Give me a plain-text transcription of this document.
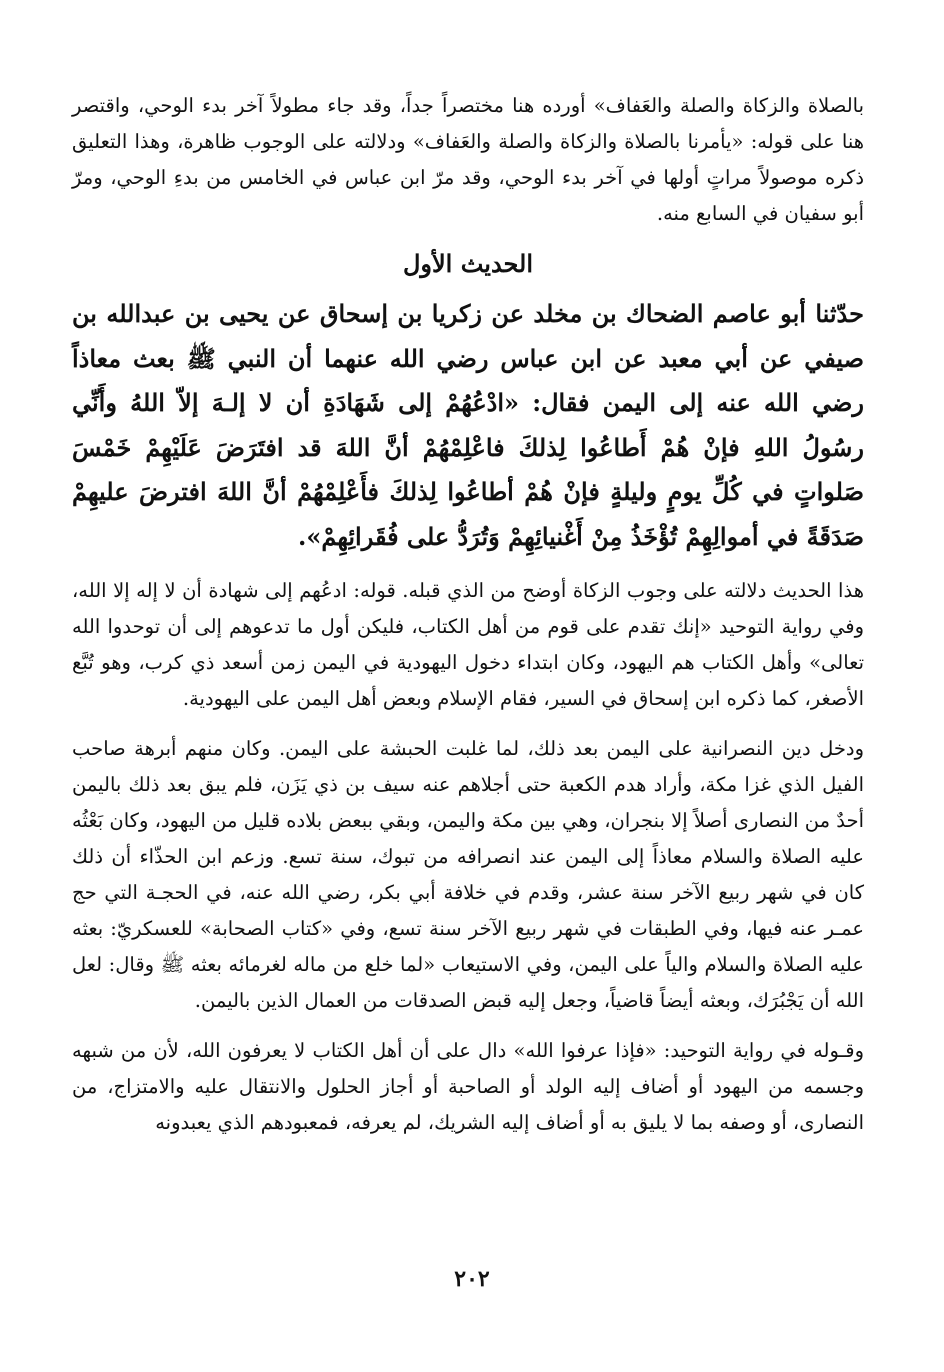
بالصلاة والزكاة والصلة والعَفاف» أورده هنا مختصراً جداً، وقد جاء مطولاً آخر بدء الوحي، واقتصر هنا على قوله: «يأمرنا بالصلاة والزكاة والصلة والعَفاف» ودلالته على الوجوب ظاهرة، وهذا التعليق ذكره موصولاً مراتٍ أولها في آخر بدء الوحي، وقد مرّ ابن عباس في الخامس من بدءِ الوحي، ومرّ أبو سفيان في السابع منه.

الحديث الأول

حدّثنا أبو عاصم الضحاك بن مخلد عن زكريا بن إسحاق عن يحيى بن عبدالله بن صيفي عن أبي معبد عن ابن عباس رضي الله عنهما أن النبي ﷺ بعث معاذاً رضي الله عنه إلى اليمن فقال: «ادْعُهُمْ إلى شَهَادَةِ أن لا إلـهَ إلاّ اللهُ وأَنِّي رسُولُ اللهِ فإنْ هُمْ أَطاعُوا لِذلكَ فاعْلِمْهُمْ أنَّ اللهَ قد افتَرَضَ عَلَيْهِمْ خَمْسَ صَلواتٍ في كُلِّ يومٍ وليلةٍ فإنْ هُمْ أطاعُوا لِذلكَ فأَعْلِمْهُمْ أنَّ اللهَ افترضَ عليهِمْ صَدَقَةً في أموالِهِمْ تُؤْخَذُ مِنْ أَغْنيائِهِمْ وَتُرَدُّ على فُقَرائِهِمْ».

هذا الحديث دلالته على وجوب الزكاة أوضح من الذي قبله. قوله: ادعُهم إلى شهادة أن لا إله إلا الله، وفي رواية التوحيد «إنك تقدم على قوم من أهل الكتاب، فليكن أول ما تدعوهم إلى أن توحدوا الله تعالى» وأهل الكتاب هم اليهود، وكان ابتداء دخول اليهودية في اليمن زمن أسعد ذي كرب، وهو تُبَّع الأصغر، كما ذكره ابن إسحاق في السير، فقام الإسلام وبعض أهل اليمن على اليهودية.

ودخل دين النصرانية على اليمن بعد ذلك، لما غلبت الحبشة على اليمن. وكان منهم أبرهة صاحب الفيل الذي غزا مكة، وأراد هدم الكعبة حتى أجلاهم عنه سيف بن ذي يَزَن، فلم يبق بعد ذلك باليمن أحدٌ من النصارى أصلاً إلا بنجران، وهي بين مكة واليمن، وبقي ببعض بلاده قليل من اليهود، وكان بَعْثُه عليه الصلاة والسلام معاذاً إلى اليمن عند انصرافه من تبوك، سنة تسع. وزعم ابن الحذّاء أن ذلك كان في شهر ربيع الآخر سنة عشر، وقدم في خلافة أبي بكر، رضي الله عنه، في الحجـة التي حج عمـر عنه فيها، وفي الطبقات في شهر ربيع الآخر سنة تسع، وفي «كتاب الصحابة» للعسكريّ: بعثه عليه الصلاة والسلام والياً على اليمن، وفي الاستيعاب «لما خلع من ماله لغرمائه بعثه ﷺ وقال: لعل الله أن يَجْبُرَك، وبعثه أيضاً قاضياً، وجعل إليه قبض الصدقات من العمال الذين باليمن.

وقـوله في رواية التوحيد: «فإذا عرفوا الله» دال على أن أهل الكتاب لا يعرفون الله، لأن من شبهه وجسمه من اليهود أو أضاف إليه الولد أو الصاحبة أو أجاز الحلول والانتقال عليه والامتزاج، من النصارى، أو وصفه بما لا يليق به أو أضاف إليه الشريك، لم يعرفه، فمعبودهم الذي يعبدونه

٢٠٢
